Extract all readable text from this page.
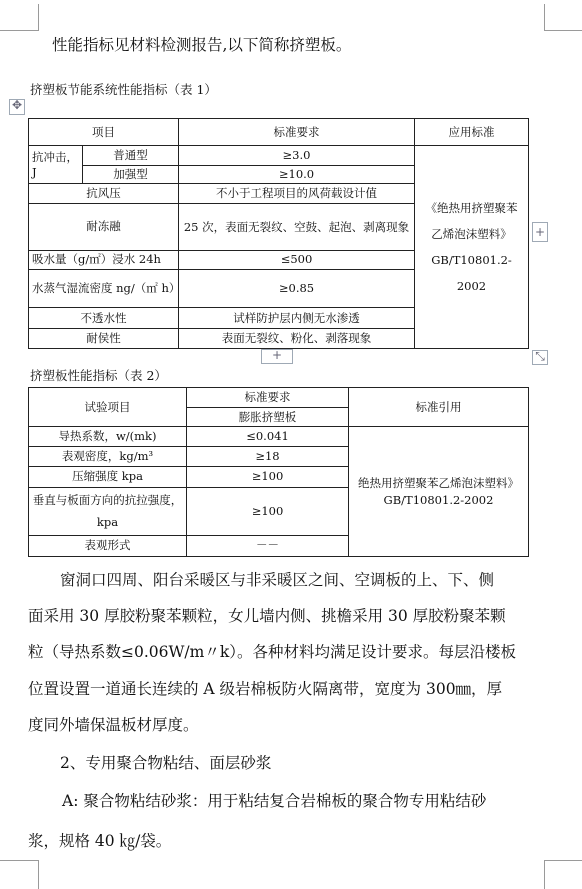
性能指标见材料检测报告,以下简称挤塑板。
挤塑板节能系统性能指标（表 1）
✥
项目		标准要求	应用标准
抗冲击，J	普通型	≥3.0	《绝热用挤塑聚苯乙烯泡沫塑料》GB/T10801.2-2002
	加强型	≥10.0	
抗风压		不小于工程项目的风荷载设计值	
耐冻融		25 次，表面无裂纹、空鼓、起泡、剥离现象	
吸水量（g/㎡）浸水 24h		≤500	
水蒸气湿流密度 ng/（㎡ h）		≥0.85	
不透水性		试样防护层内侧无水渗透	
耐侯性		表面无裂纹、粉化、剥落现象	
+
+	⤡
挤塑板性能指标（表 2）
试验项目	标准要求	标准引用
	膨胀挤塑板	
导热系数，w/(mk)	≤0.041	绝热用挤塑聚苯乙烯泡沫塑料》GB/T10801.2-2002
表观密度，kg/m³	≥18	
压缩强度 kpa	≥100	
垂直与板面方向的抗拉强度，kpa	≥100	
表观形式	－－	
窗洞口四周、阳台采暖区与非采暖区之间、空调板的上、下、侧
面采用 30 厚胶粉聚苯颗粒，女儿墙内侧、挑檐采用 30 厚胶粉聚苯颗
粒（导热系数≤0.06W/m〃k）。各种材料均满足设计要求。每层沿楼板
位置设置一道通长连续的 A 级岩棉板防火隔离带，宽度为 300㎜，厚
度同外墙保温板材厚度。
2、专用聚合物粘结、面层砂浆
A: 聚合物粘结砂浆：用于粘结复合岩棉板的聚合物专用粘结砂
浆，规格 40 ㎏/袋。
